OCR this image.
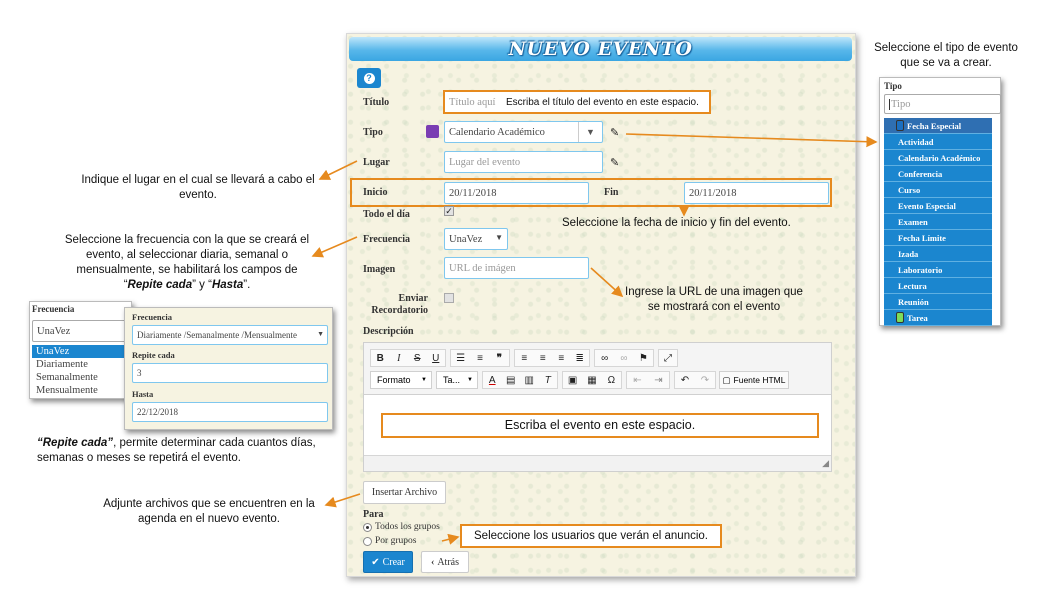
NUEVO EVENTO
?
Título	Título aquí Escriba el título del evento en este espacio.
Tipo	Calendario Académico	▼	✎
Lugar	Lugar del evento	✎
Inicio	20/11/2018	Fin	20/11/2018
Todo el día	✓
Frecuencia	UnaVez ▼
Imagen	URL de imágen
Enviar
Recordatorio
Descripción
B	I	S	U	☰	≡	❞	≡	≡	≡	≣	∞	∞	⚑	⤢
Formato ▼	Ta... ▼	A	▤ ▥	T	▣ ▦	Ω	⇤ ⇥ ↶ ↷	▢ Fuente HTML
◢
Escriba el evento en este espacio.
Insertar Archivo
Para
Todos los grupos
Por grupos	Seleccione los usuarios que verán el anuncio.
✔ Crear	‹ Atrás
Seleccione el tipo de evento que se va a crear.
Indique el lugar en el cual se llevará a cabo el evento.
Seleccione la fecha de inicio y fin del evento.
Seleccione la frecuencia con la que se creará el evento, al seleccionar diaria, semanal o mensualmente, se habilitará los campos de “Repite cada” y “Hasta”.
Ingrese la URL de una imagen que se mostrará con el evento
“Repite cada”, permite determinar cada cuantos días, semanas o meses se repetirá el evento.
Adjunte archivos que se encuentren en la agenda en el nuevo evento.
Tipo
Tipo
Fecha Especial
Actividad
Calendario Académico
Conferencia
Curso
Evento Especial
Examen
Fecha Límite
Izada
Laboratorio
Lectura
Reunión
Tarea
Frecuencia
UnaVez
UnaVez
Diariamente
Semanalmente
Mensualmente
Frecuencia
Diariamente /Semanalmente /Mensualmente	▼
Repite cada
3
Hasta
22/12/2018
